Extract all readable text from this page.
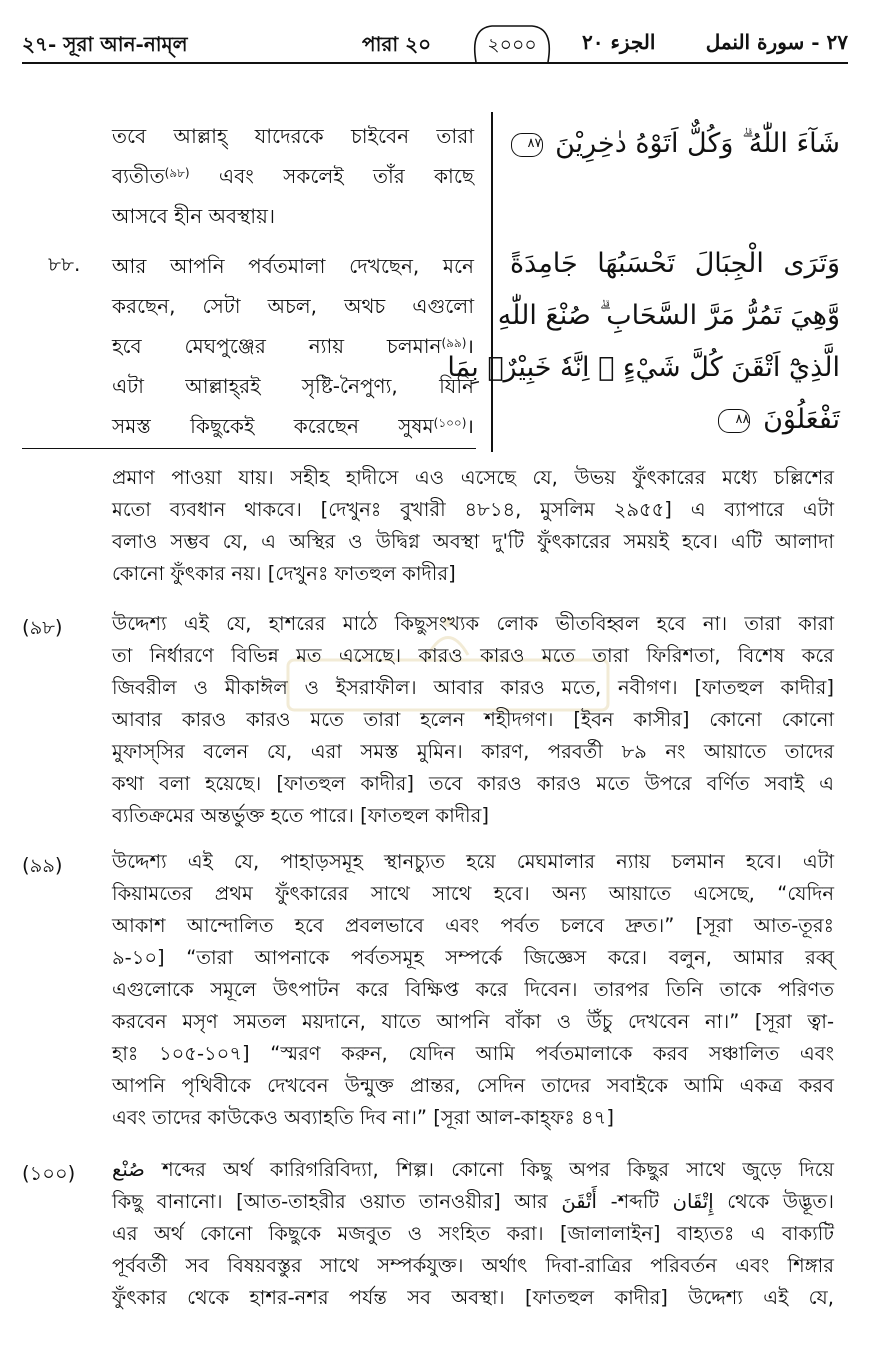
২৭- সূরা আন-নাম্‌ল	পারা ২০	২০০০	الجزء ٢٠	٢٧ - سورة النمل
شَآءَ اللّٰهُ ۗ وَكُلٌّ اَتَوْهُ دٰخِرِيْنَ ٨٧
তবে আল্লাহ্‌ যাদেরকে চাইবেন তারা
ব্যতীত$^{(৯৮)}$ এবং সকলেই তাঁর কাছে
আসবে হীন অবস্থায়।
৮৮. আর আপনি পর্বতমালা দেখছেন, মনে
করছেন, সেটা অচল, অথচ এগুলো
হবে মেঘপুঞ্জের ন্যায় চলমান$^{(৯৯)}$।
এটা আল্লাহ্‌রই সৃষ্টি-নৈপুণ্য, যিনি
সমস্ত কিছুকেই করেছেন সুষম$^{(১০০)}$।
وَتَرَى الْجِبَالَ تَحْسَبُهَا جَامِدَةً
وَّهِيَ تَمُرُّ مَرَّ السَّحَابِ ۗ صُنْعَ اللّٰهِ
الَّذِيْٓ اَتْقَنَ كُلَّ شَيْءٍ ۗ اِنَّهٗ خَبِيْرٌۢ بِمَا
تَفْعَلُوْنَ ٨٨
প্রমাণ পাওয়া যায়। সহীহ হাদীসে এও এসেছে যে, উভয় ফুঁৎকারের মধ্যে চল্লিশের
মতো ব্যবধান থাকবে। [দেখুনঃ বুখারী ৪৮১৪, মুসলিম ২৯৫৫] এ ব্যাপারে এটা
বলাও সম্ভব যে, এ অস্থির ও উদ্বিগ্ন অবস্থা দু'টি ফুঁৎকারের সময়ই হবে। এটি আলাদা
কোনো ফুঁৎকার নয়। [দেখুনঃ ফাতহুল কাদীর]
(৯৮)	উদ্দেশ্য এই যে, হাশরের মাঠে কিছুসংখ্যক লোক ভীতবিহ্বল হবে না। তারা কারা
তা নির্ধারণে বিভিন্ন মত এসেছে। কারও কারও মতে তারা ফিরিশতা, বিশেষ করে
জিবরীল ও মীকাঈল ও ইসরাফীল। আবার কারও মতে, নবীগণ। [ফাতহুল কাদীর]
আবার কারও কারও মতে তারা হলেন শহীদগণ। [ইবন কাসীর] কোনো কোনো
মুফাস্‌সির বলেন যে, এরা সমস্ত মুমিন। কারণ, পরবর্তী ৮৯ নং আয়াতে তাদের
কথা বলা হয়েছে। [ফাতহুল কাদীর] তবে কারও কারও মতে উপরে বর্ণিত সবাই এ
ব্যতিক্রমের অন্তর্ভুক্ত হতে পারে। [ফাতহুল কাদীর]
(৯৯)	উদ্দেশ্য এই যে, পাহাড়সমূহ স্থানচ্যুত হয়ে মেঘমালার ন্যায় চলমান হবে। এটা
কিয়ামতের প্রথম ফুঁৎকারের সাথে সাথে হবে। অন্য আয়াতে এসেছে, “যেদিন
আকাশ আন্দোলিত হবে প্রবলভাবে এবং পর্বত চলবে দ্রুত।” [সূরা আত-তূরঃ
৯-১০] “তারা আপনাকে পর্বতসমূহ সম্পর্কে জিজ্ঞেস করে। বলুন, আমার রব্ব্‌
এগুলোকে সমূলে উৎপাটন করে বিক্ষিপ্ত করে দিবেন। তারপর তিনি তাকে পরিণত
করবেন মসৃণ সমতল ময়দানে, যাতে আপনি বাঁকা ও উঁচু দেখবেন না।” [সূরা ত্বা-
হাঃ ১০৫-১০৭] “স্মরণ করুন, যেদিন আমি পর্বতমালাকে করব সঞ্চালিত এবং
আপনি পৃথিবীকে দেখবেন উন্মুক্ত প্রান্তর, সেদিন তাদের সবাইকে আমি একত্র করব
এবং তাদের কাউকেও অব্যাহতি দিব না।” [সূরা আল-কাহ্‌ফঃ ৪৭]
(১০০) صُنْع শব্দের অর্থ কারিগরিবিদ্যা, শিল্প। কোনো কিছু অপর কিছুর সাথে জুড়ে দিয়ে
কিছু বানানো। [আত-তাহরীর ওয়াত তানওয়ীর] আর أَتْقَنَ -শব্দটি إِتْقَان থেকে উদ্ভূত।
এর অর্থ কোনো কিছুকে মজবুত ও সংহিত করা। [জালালাইন] বাহ্যতঃ এ বাক্যটি
পূর্ববর্তী সব বিষয়বস্তুর সাথে সম্পর্কযুক্ত। অর্থাৎ দিবা-রাত্রির পরিবর্তন এবং শিঙ্গার
ফুঁৎকার থেকে হাশর-নশর পর্যন্ত সব অবস্থা। [ফাতহুল কাদীর] উদ্দেশ্য এই যে,
